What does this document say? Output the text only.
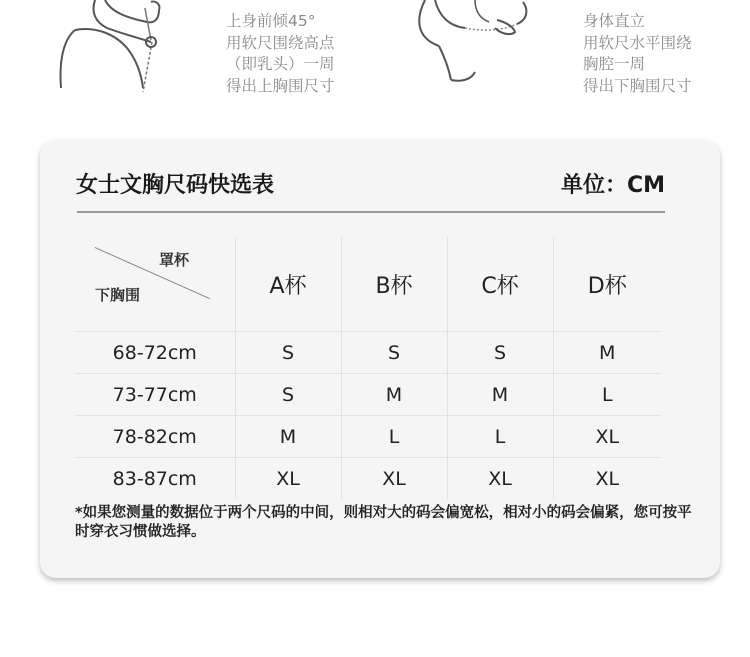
上身前倾45°
用软尺围绕高点
（即乳头）一周
得出上胸围尺寸
身体直立
用软尺水平围绕
胸腔一周
得出下胸围尺寸
女士文胸尺码快选表	单位：CM
罩杯
下胸围	A杯	B杯	C杯	D杯
68-72cm	S	S	S	M
73-77cm	S	M	M	L
78-82cm	M	L	L	XL
83-87cm	XL	XL	XL	XL
*如果您测量的数据位于两个尺码的中间，则相对大的码会偏宽松，相对小的码会偏紧，您可按平时穿衣习惯做选择。
